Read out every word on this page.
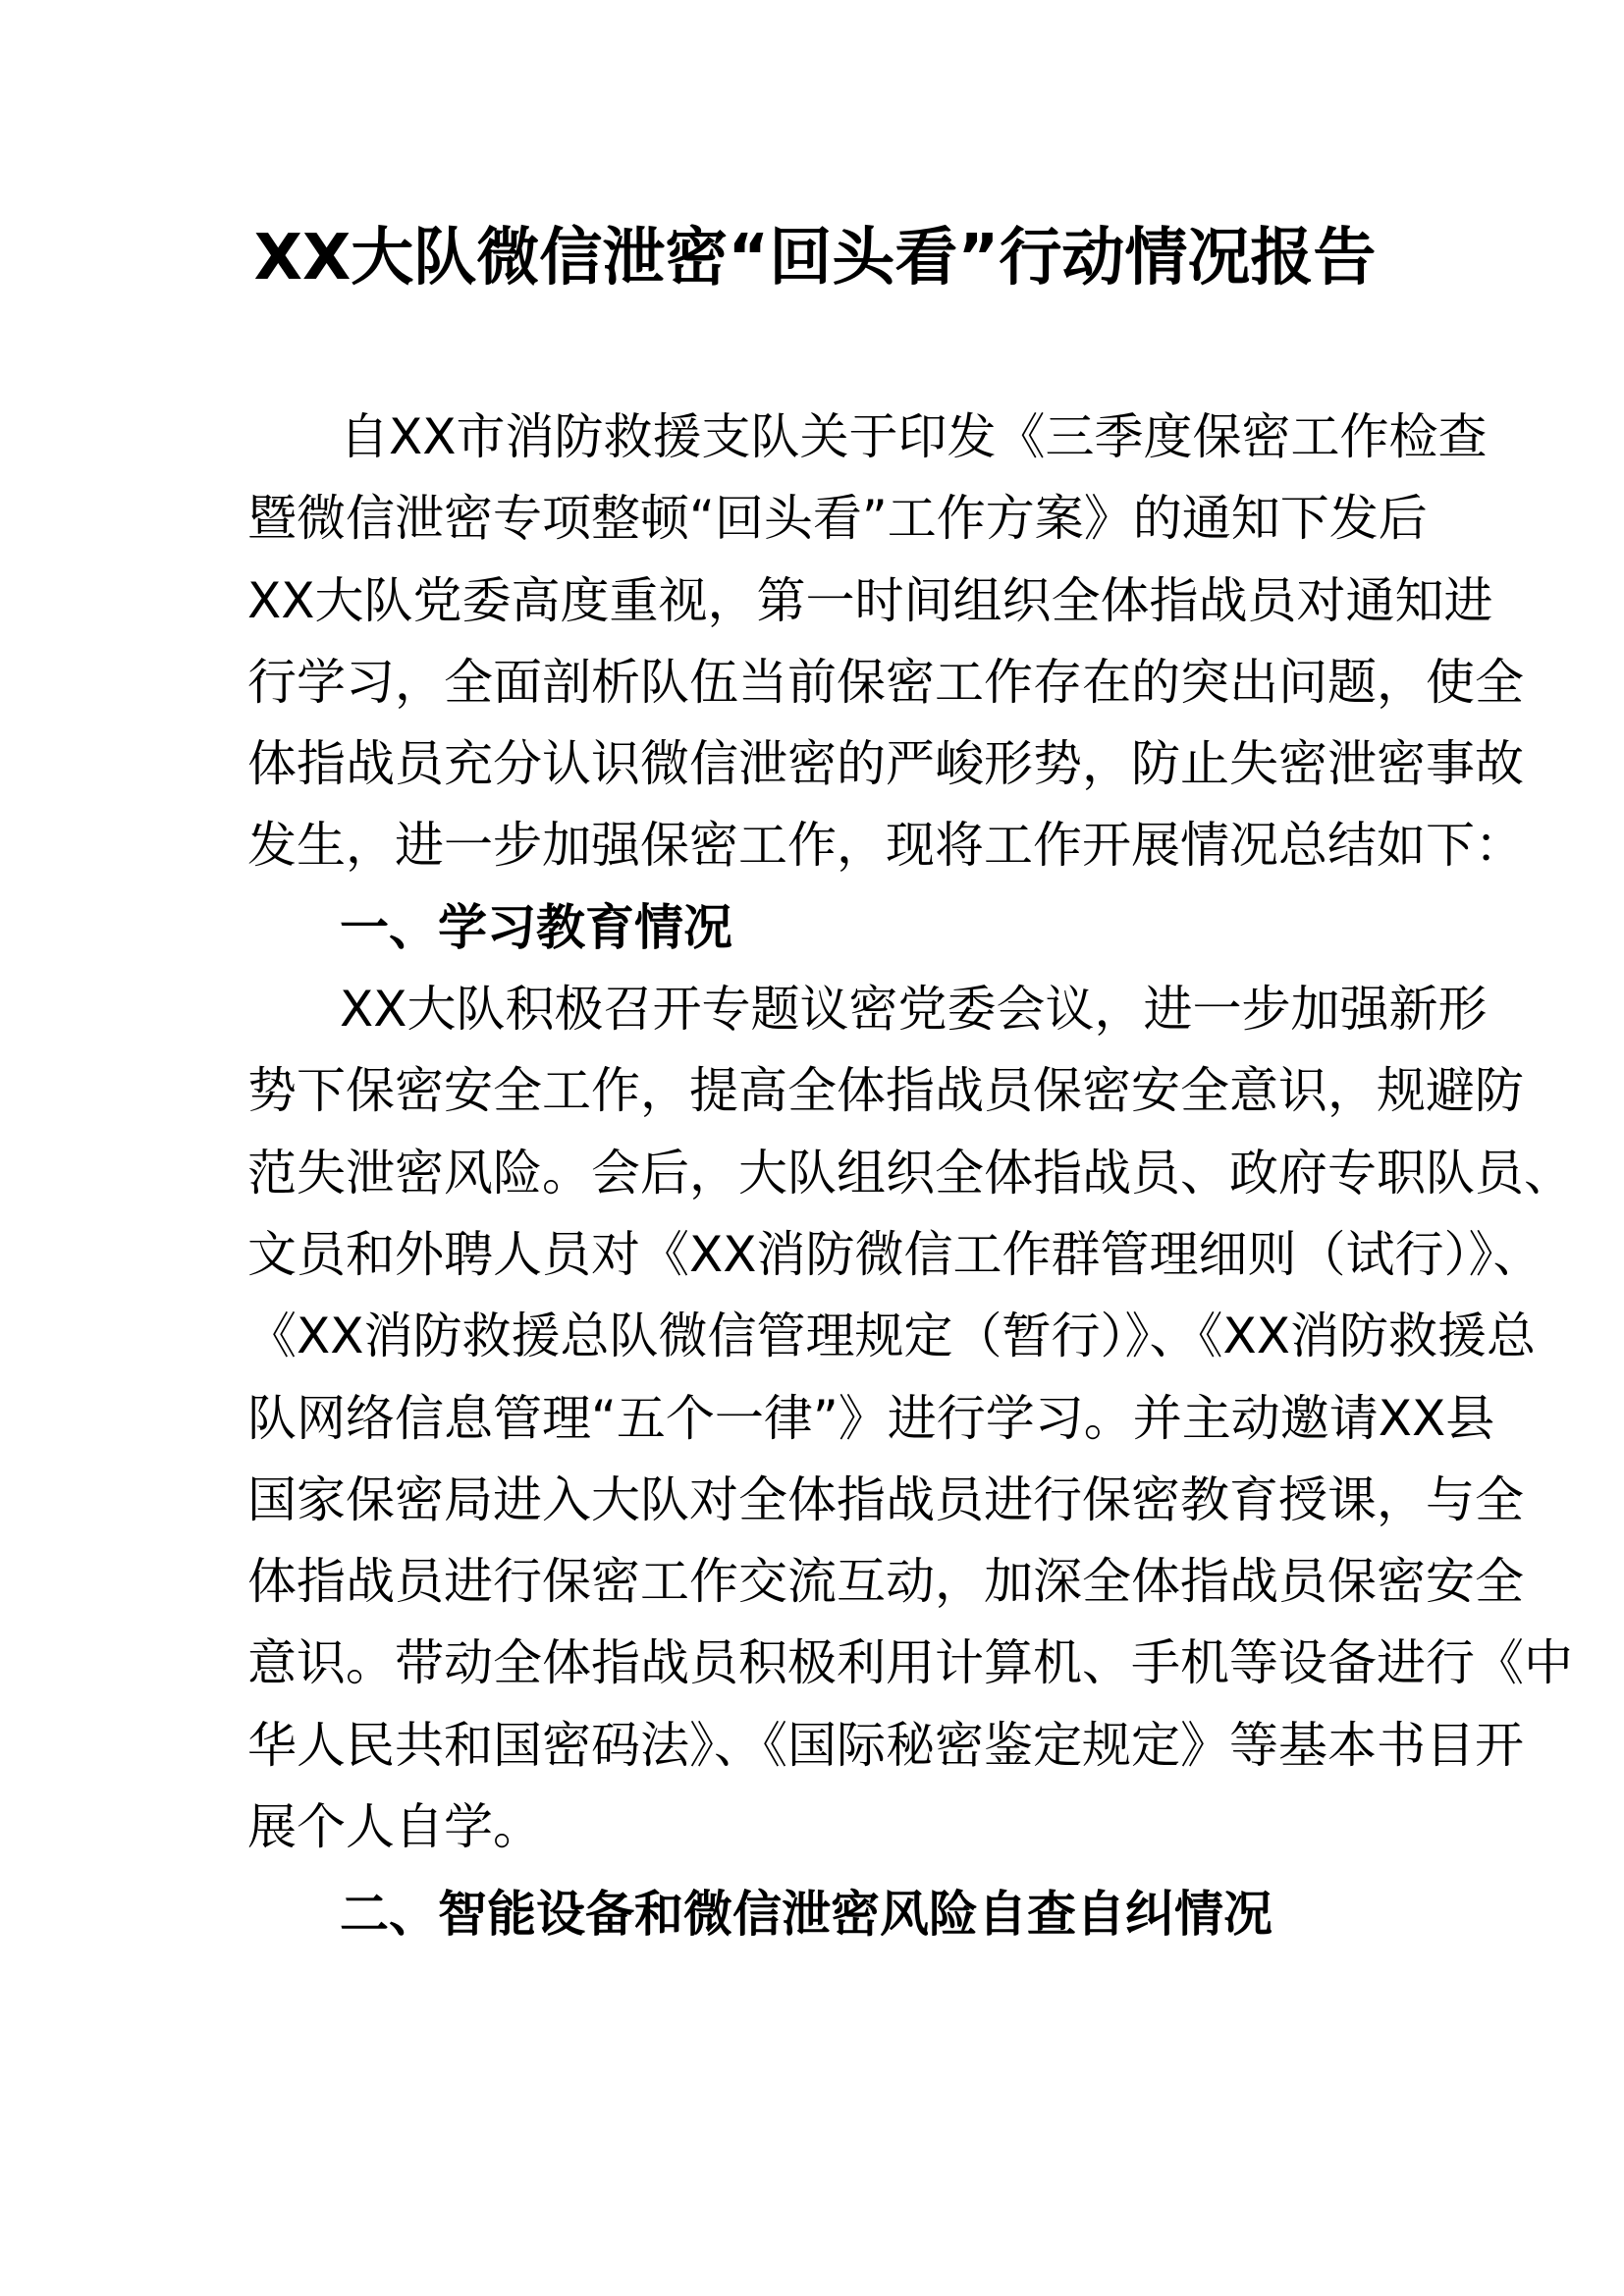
XX大队微信泄密“回头看”行动情况报告
自XX市消防救援支队关于印发《三季度保密工作检查
暨微信泄密专项整顿“回头看”工作方案》的通知下发后
XX大队党委高度重视，第一时间组织全体指战员对通知进
行学习，全面剖析队伍当前保密工作存在的突出问题，使全
体指战员充分认识微信泄密的严峻形势，防止失密泄密事故
发生，进一步加强保密工作，现将工作开展情况总结如下：
一、学习教育情况
XX大队积极召开专题议密党委会议，进一步加强新形
势下保密安全工作，提高全体指战员保密安全意识，规避防
范失泄密风险。会后，大队组织全体指战员、政府专职队员、
文员和外聘人员对《XX消防微信工作群管理细则（试行）》、
《XX消防救援总队微信管理规定（暂行）》、《XX消防救援总
队网络信息管理“五个一律”》进行学习。并主动邀请XX县
国家保密局进入大队对全体指战员进行保密教育授课，与全
体指战员进行保密工作交流互动，加深全体指战员保密安全
意识。带动全体指战员积极利用计算机、手机等设备进行《中
华人民共和国密码法》、《国际秘密鉴定规定》等基本书目开
展个人自学。
二、智能设备和微信泄密风险自查自纠情况
